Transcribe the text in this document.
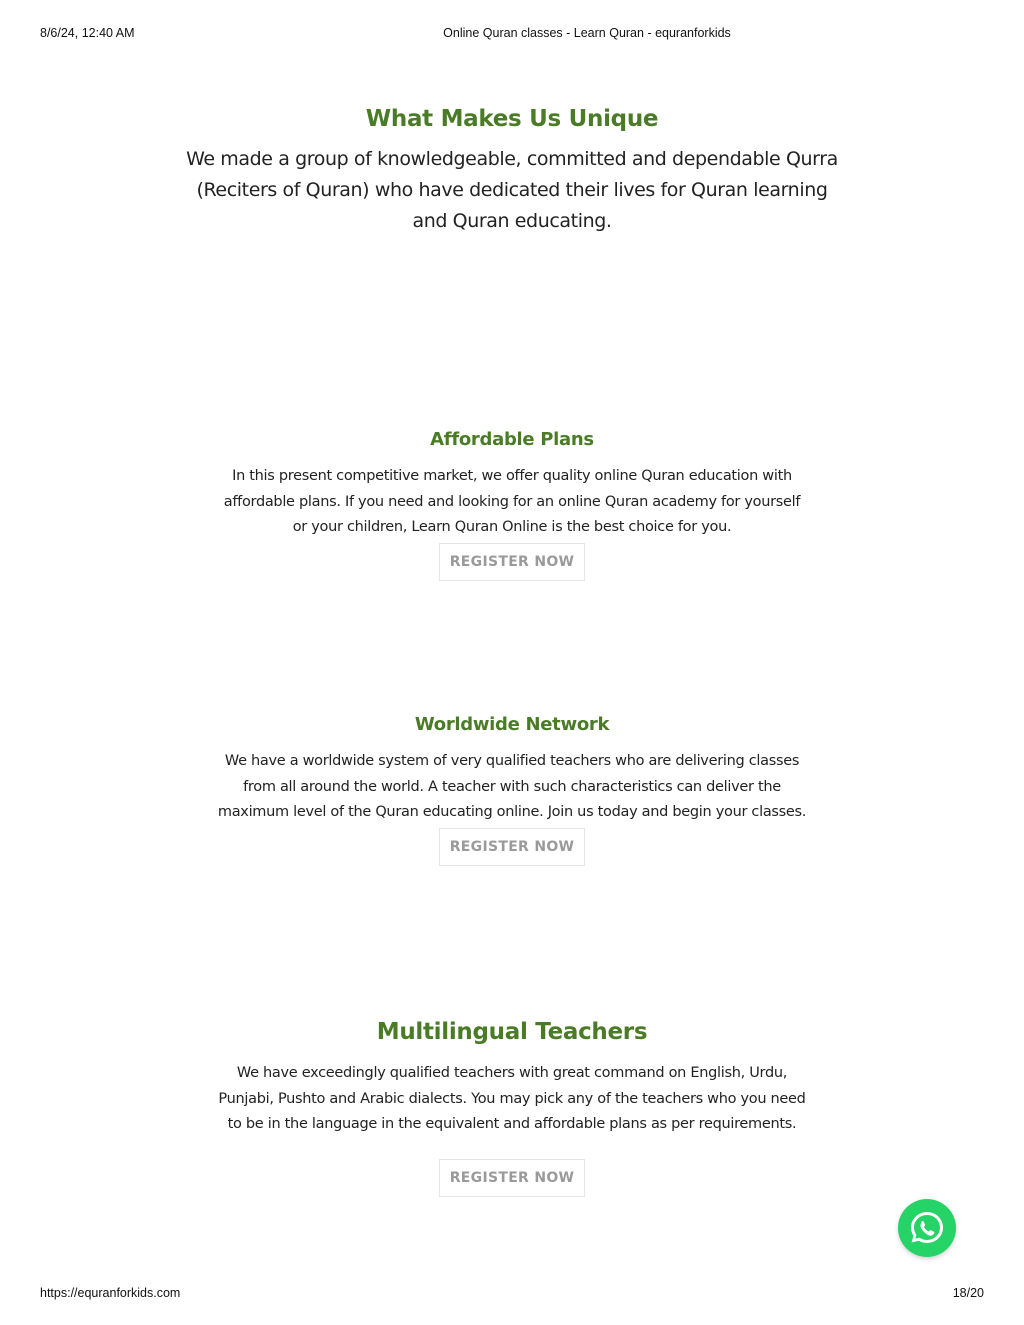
8/6/24, 12:40 AM	Online Quran classes - Learn Quran - equranforkids
What Makes Us Unique

We made a group of knowledgeable, committed and dependable Qurra (Reciters of Quran) who have dedicated their lives for Quran learning and Quran educating.

Affordable Plans

In this present competitive market, we offer quality online Quran education with affordable plans. If you need and looking for an online Quran academy for yourself or your children, Learn Quran Online is the best choice for you.

REGISTER NOW
Worldwide Network

We have a worldwide system of very qualified teachers who are delivering classes from all around the world. A teacher with such characteristics can deliver the maximum level of the Quran educating online. Join us today and begin your classes.

REGISTER NOW
Multilingual Teachers

We have exceedingly qualified teachers with great command on English, Urdu, Punjabi, Pushto and Arabic dialects. You may pick any of the teachers who you need to be in the language in the equivalent and affordable plans as per requirements.

REGISTER NOW
https://equranforkids.com	18/20
